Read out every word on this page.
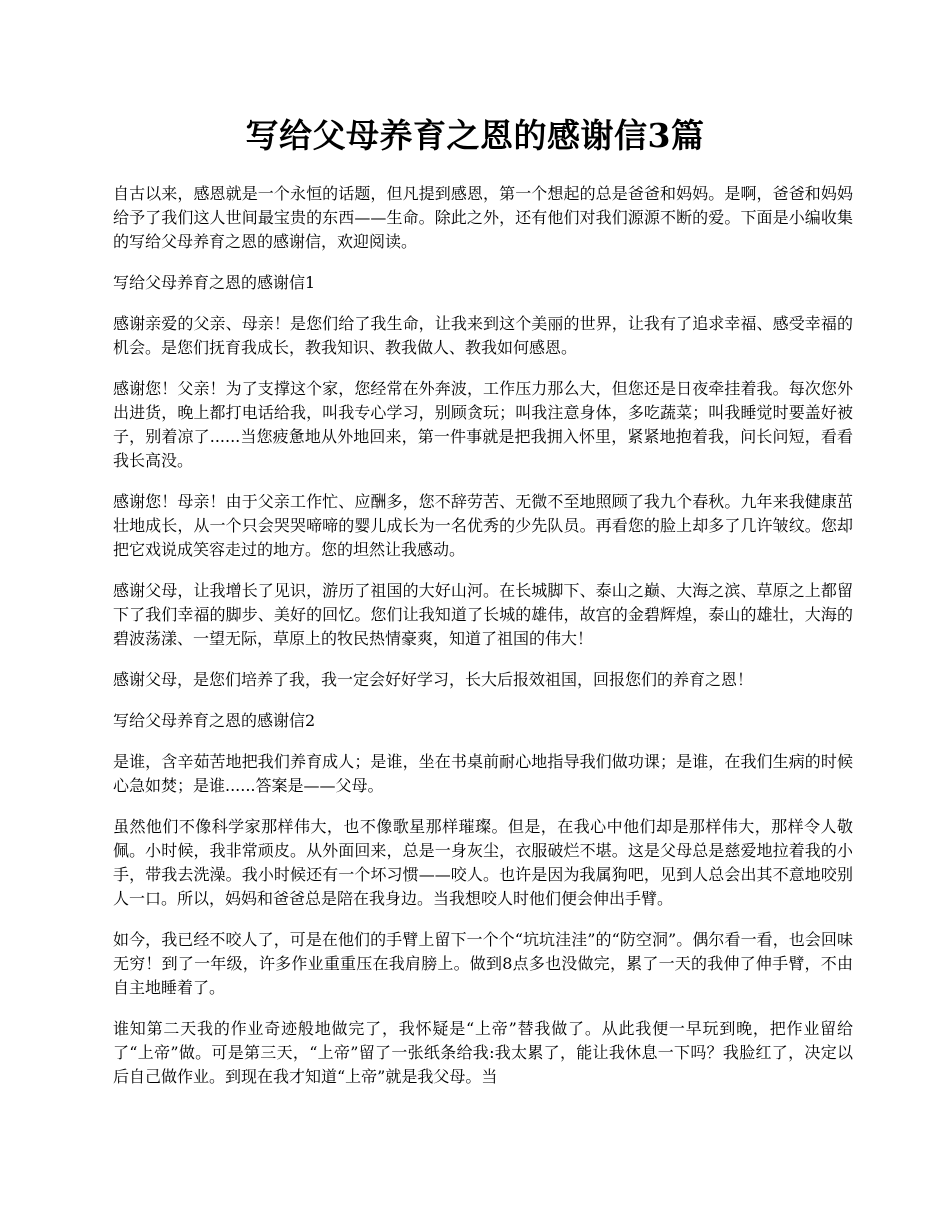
写给父母养育之恩的感谢信3篇

自古以来，感恩就是一个永恒的话题，但凡提到感恩，第一个想起的总是爸爸和妈妈。是啊，爸爸和妈妈给予了我们这人世间最宝贵的东西——生命。除此之外，还有他们对我们源源不断的爱。下面是小编收集的写给父母养育之恩的感谢信，欢迎阅读。

写给父母养育之恩的感谢信1

感谢亲爱的父亲、母亲！是您们给了我生命，让我来到这个美丽的世界，让我有了追求幸福、感受幸福的机会。是您们抚育我成长，教我知识、教我做人、教我如何感恩。

感谢您！父亲！为了支撑这个家，您经常在外奔波，工作压力那么大，但您还是日夜牵挂着我。每次您外出进货，晚上都打电话给我，叫我专心学习，别顾贪玩；叫我注意身体，多吃蔬菜；叫我睡觉时要盖好被子，别着凉了......当您疲惫地从外地回来，第一件事就是把我拥入怀里，紧紧地抱着我，问长问短，看看我长高没。

感谢您！母亲！由于父亲工作忙、应酬多，您不辞劳苦、无微不至地照顾了我九个春秋。九年来我健康茁壮地成长，从一个只会哭哭啼啼的婴儿成长为一名优秀的少先队员。再看您的脸上却多了几许皱纹。您却把它戏说成笑容走过的地方。您的坦然让我感动。

感谢父母，让我增长了见识，游历了祖国的大好山河。在长城脚下、泰山之巅、大海之滨、草原之上都留下了我们幸福的脚步、美好的回忆。您们让我知道了长城的雄伟，故宫的金碧辉煌，泰山的雄壮，大海的碧波荡漾、一望无际，草原上的牧民热情豪爽，知道了祖国的伟大！

感谢父母，是您们培养了我，我一定会好好学习，长大后报效祖国，回报您们的养育之恩！

写给父母养育之恩的感谢信2

是谁，含辛茹苦地把我们养育成人；是谁，坐在书桌前耐心地指导我们做功课；是谁，在我们生病的时候心急如焚；是谁......答案是——父母。

虽然他们不像科学家那样伟大，也不像歌星那样璀璨。但是，在我心中他们却是那样伟大，那样令人敬佩。小时候，我非常顽皮。从外面回来，总是一身灰尘，衣服破烂不堪。这是父母总是慈爱地拉着我的小手，带我去洗澡。我小时候还有一个坏习惯——咬人。也许是因为我属狗吧，见到人总会出其不意地咬别人一口。所以，妈妈和爸爸总是陪在我身边。当我想咬人时他们便会伸出手臂。

如今，我已经不咬人了，可是在他们的手臂上留下一个个“坑坑洼洼”的“防空洞”。偶尔看一看，也会回味无穷！到了一年级，许多作业重重压在我肩膀上。做到8点多也没做完，累了一天的我伸了伸手臂，不由自主地睡着了。

谁知第二天我的作业奇迹般地做完了，我怀疑是“上帝”替我做了。从此我便一早玩到晚，把作业留给了“上帝”做。可是第三天，“上帝”留了一张纸条给我:我太累了，能让我休息一下吗？我脸红了，决定以后自己做作业。到现在我才知道“上帝”就是我父母。当
